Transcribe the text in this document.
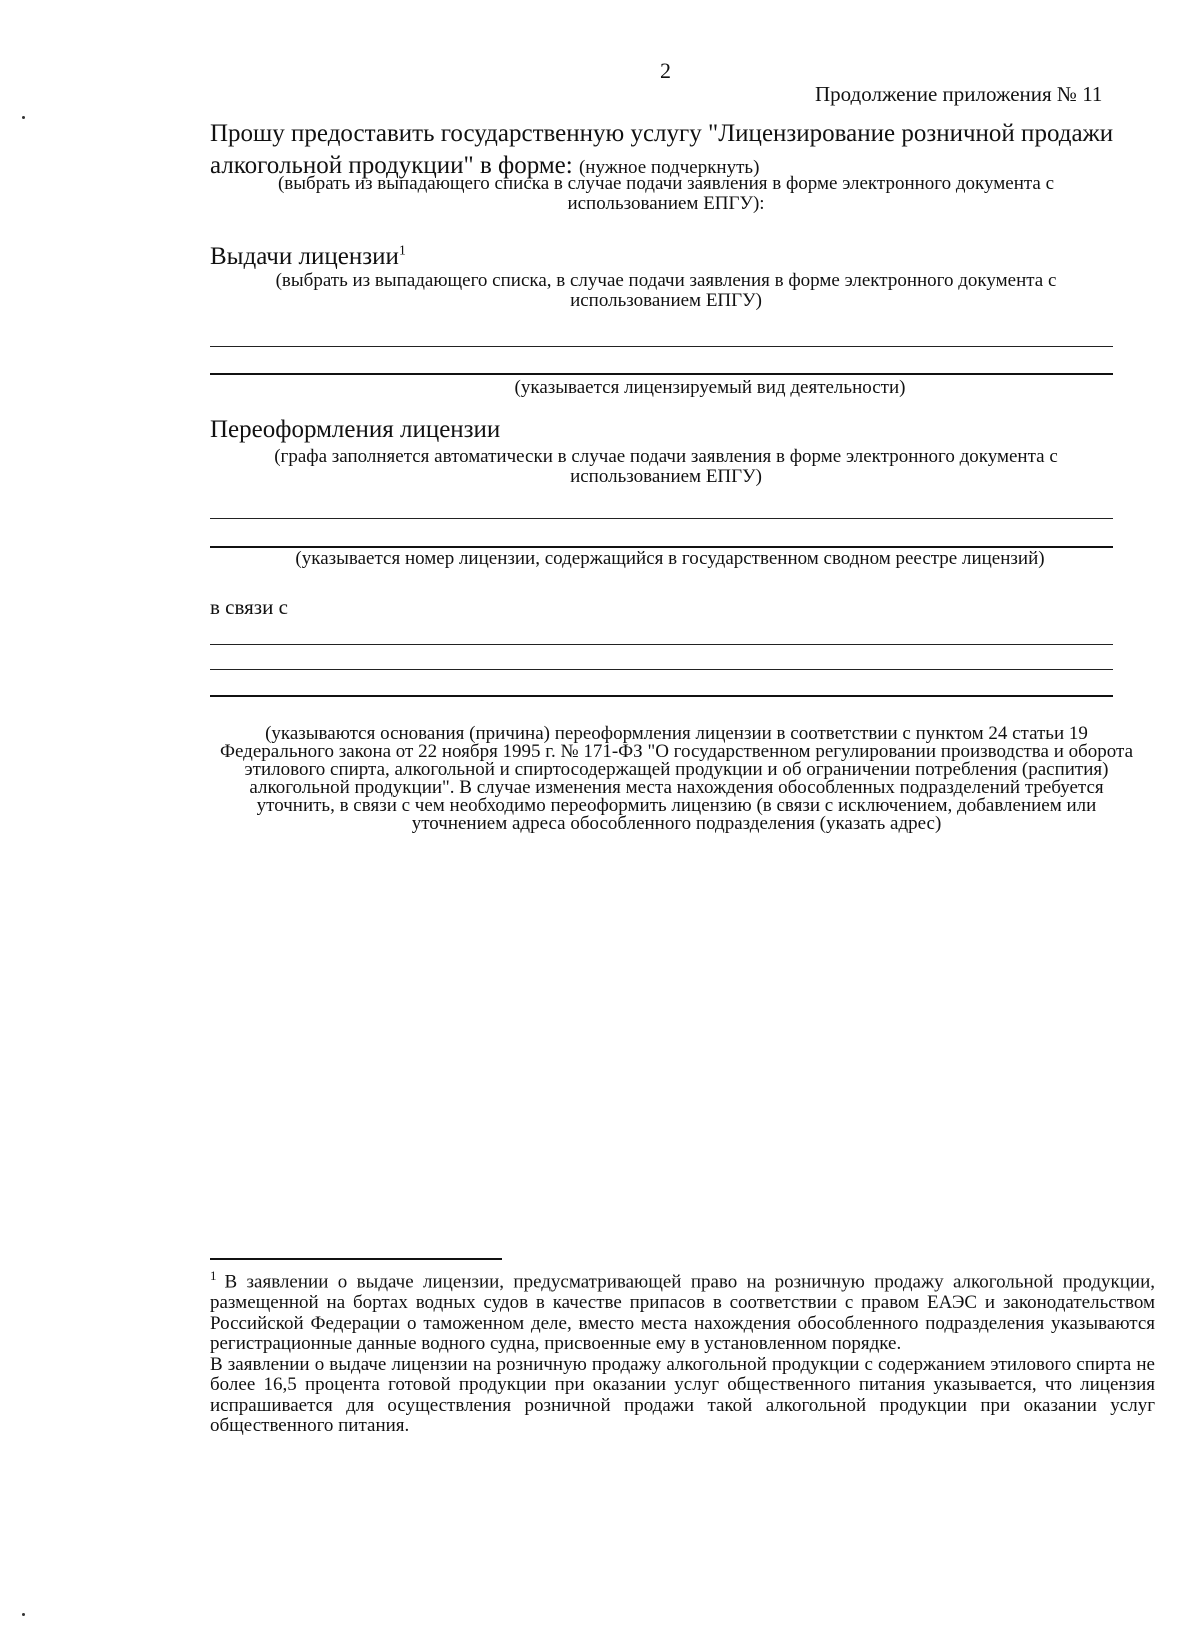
2
Продолжение приложения № 11
Прошу предоставить государственную услугу "Лицензирование розничной продажи алкогольной продукции" в форме: (нужное подчеркнуть)
(выбрать из выпадающего списка в случае подачи заявления в форме электронного документа с использованием ЕПГУ):
Выдачи лицензии$^1$
(выбрать из выпадающего списка, в случае подачи заявления в форме электронного документа с использованием ЕПГУ)
(указывается лицензируемый вид деятельности)
Переоформления лицензии
(графа заполняется автоматически в случае подачи заявления в форме электронного документа с использованием ЕПГУ)
(указывается номер лицензии, содержащийся в государственном сводном реестре лицензий)
в связи с
(указываются основания (причина) переоформления лицензии в соответствии с пунктом 24 статьи 19 Федерального закона от 22 ноября 1995 г. № 171-ФЗ "О государственном регулировании производства и оборота этилового спирта, алкогольной и спиртосодержащей продукции и об ограничении потребления (распития) алкогольной продукции". В случае изменения места нахождения обособленных подразделений требуется уточнить, в связи с чем необходимо переоформить лицензию (в связи с исключением, добавлением или уточнением адреса обособленного подразделения (указать адрес)

$^1$ В заявлении о выдаче лицензии, предусматривающей право на розничную продажу алкогольной продукции, размещенной на бортах водных судов в качестве припасов в соответствии с правом ЕАЭС и законодательством Российской Федерации о таможенном деле, вместо места нахождения обособленного подразделения указываются регистрационные данные водного судна, присвоенные ему в установленном порядке.

В заявлении о выдаче лицензии на розничную продажу алкогольной продукции с содержанием этилового спирта не более 16,5 процента готовой продукции при оказании услуг общественного питания указывается, что лицензия испрашивается для осуществления розничной продажи такой алкогольной продукции при оказании услуг общественного питания.
